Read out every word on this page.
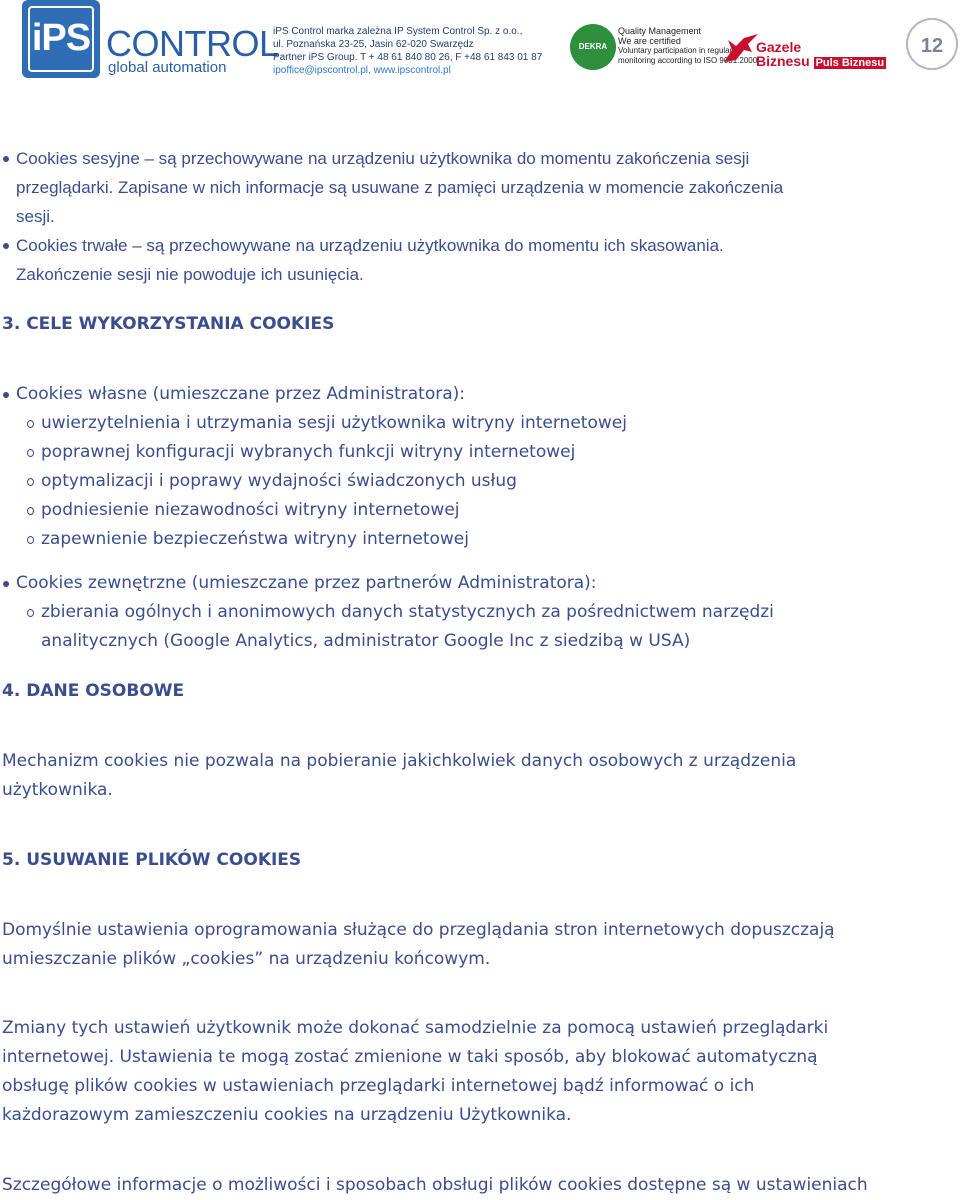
iPS CONTROL
global automation
iPS Control marka zależna IP System Control Sp. z o.o.,
ul. Poznańska 23-25, Jasin 62-020 Swarzędz
Partner iPS Group. T + 48 61 840 80 26, F +48 61 843 01 87
ipoffice@ipscontrol.pl, www.ipscontrol.pl
DEKRA
Quality Management
We are certified
Voluntary participation in regular
monitoring according to ISO 9001:2000
Gazele
Biznesu Puls Biznesu
12
Cookies sesyjne – są przechowywane na urządzeniu użytkownika do momentu zakończenia sesji
przeglądarki. Zapisane w nich informacje są usuwane z pamięci urządzenia w momencie zakończenia
sesji.
Cookies trwałe – są przechowywane na urządzeniu użytkownika do momentu ich skasowania.
Zakończenie sesji nie powoduje ich usunięcia.
3. CELE WYKORZYSTANIA COOKIES
Cookies własne (umieszczane przez Administratora):
uwierzytelnienia i utrzymania sesji użytkownika witryny internetowej
poprawnej konfiguracji wybranych funkcji witryny internetowej
optymalizacji i poprawy wydajności świadczonych usług
podniesienie niezawodności witryny internetowej
zapewnienie bezpieczeństwa witryny internetowej
Cookies zewnętrzne (umieszczane przez partnerów Administratora):
zbierania ogólnych i anonimowych danych statystycznych za pośrednictwem narzędzi
analitycznych (Google Analytics, administrator Google Inc z siedzibą w USA)
4. DANE OSOBOWE
Mechanizm cookies nie pozwala na pobieranie jakichkolwiek danych osobowych z urządzenia
użytkownika.
5. USUWANIE PLIKÓW COOKIES
Domyślnie ustawienia oprogramowania służące do przeglądania stron internetowych dopuszczają
umieszczanie plików „cookies” na urządzeniu końcowym.
Zmiany tych ustawień użytkownik może dokonać samodzielnie za pomocą ustawień przeglądarki
internetowej. Ustawienia te mogą zostać zmienione w taki sposób, aby blokować automatyczną
obsługę plików cookies w ustawieniach przeglądarki internetowej bądź informować o ich
każdorazowym zamieszczeniu cookies na urządzeniu Użytkownika.
Szczegółowe informacje o możliwości i sposobach obsługi plików cookies dostępne są w ustawieniach
